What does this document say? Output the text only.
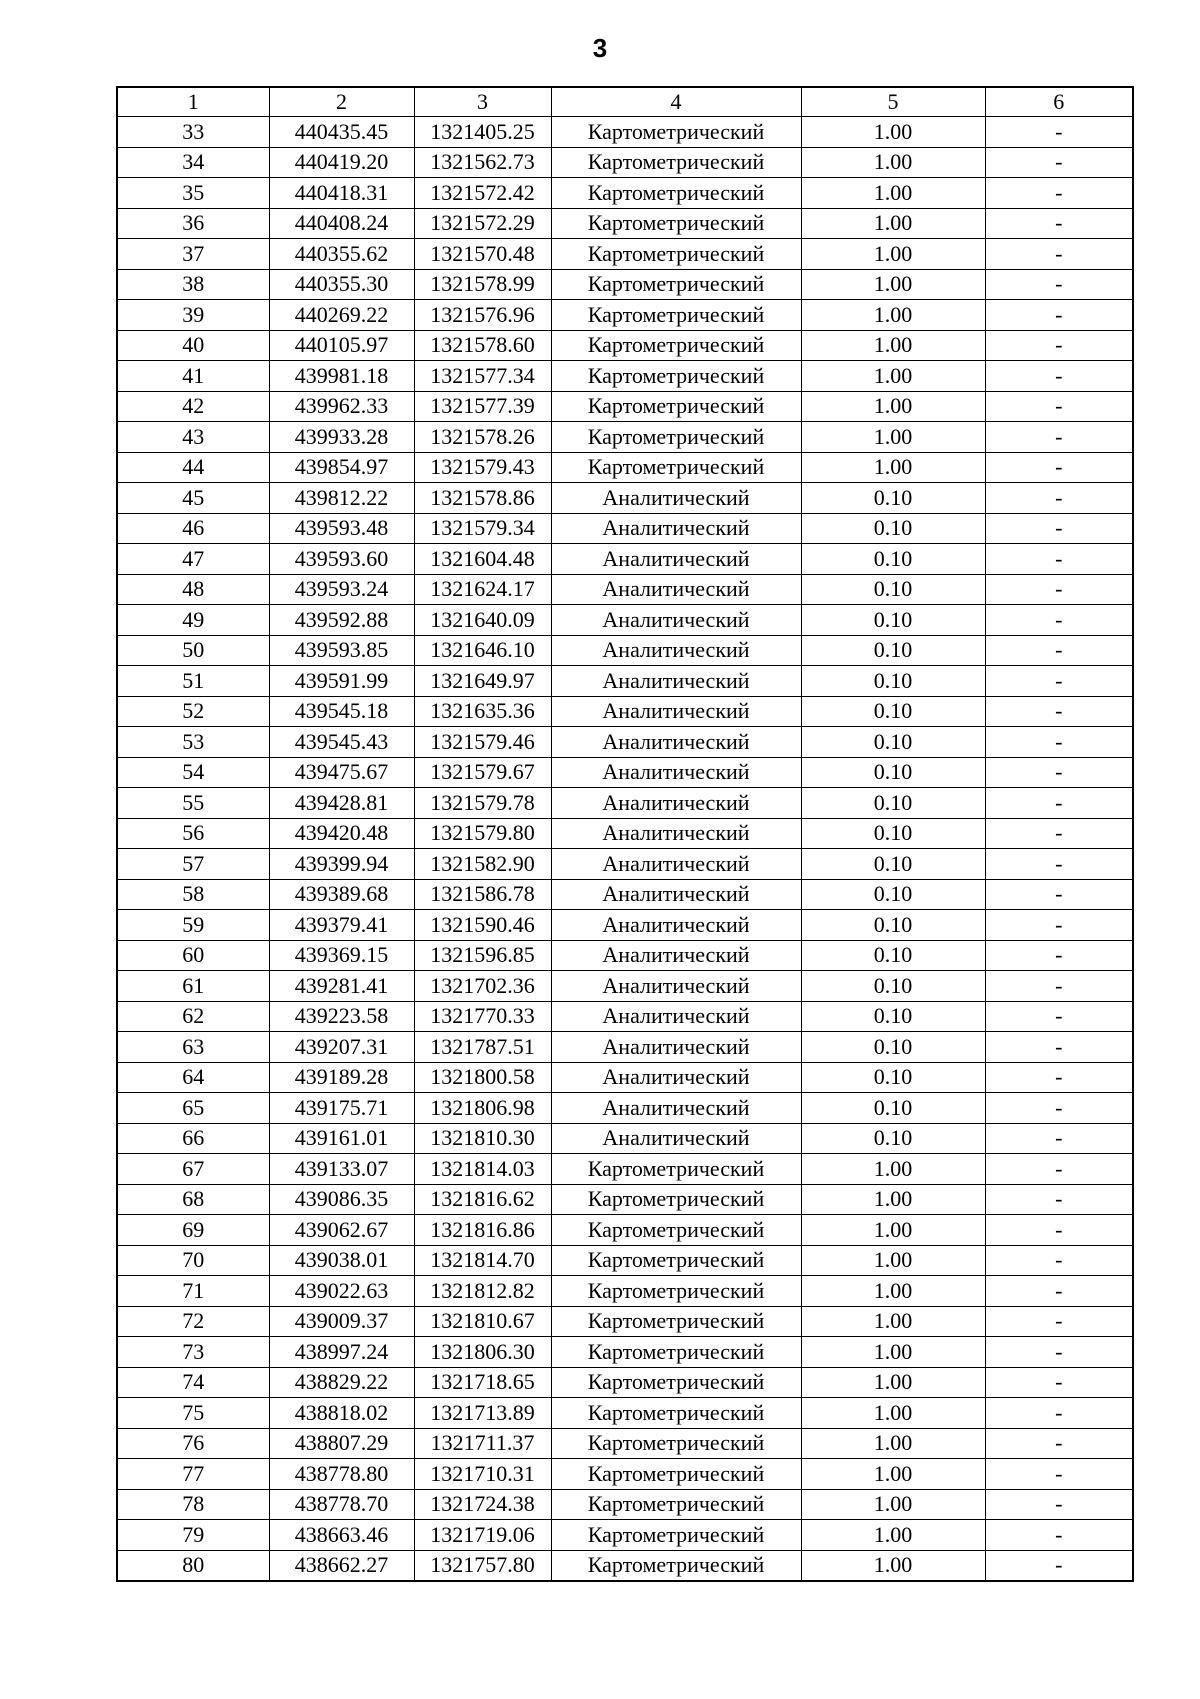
3
1	2	3	4	5	6
33	440435.45	1321405.25	Картометрический	1.00	-
34	440419.20	1321562.73	Картометрический	1.00	-
35	440418.31	1321572.42	Картометрический	1.00	-
36	440408.24	1321572.29	Картометрический	1.00	-
37	440355.62	1321570.48	Картометрический	1.00	-
38	440355.30	1321578.99	Картометрический	1.00	-
39	440269.22	1321576.96	Картометрический	1.00	-
40	440105.97	1321578.60	Картометрический	1.00	-
41	439981.18	1321577.34	Картометрический	1.00	-
42	439962.33	1321577.39	Картометрический	1.00	-
43	439933.28	1321578.26	Картометрический	1.00	-
44	439854.97	1321579.43	Картометрический	1.00	-
45	439812.22	1321578.86	Аналитический	0.10	-
46	439593.48	1321579.34	Аналитический	0.10	-
47	439593.60	1321604.48	Аналитический	0.10	-
48	439593.24	1321624.17	Аналитический	0.10	-
49	439592.88	1321640.09	Аналитический	0.10	-
50	439593.85	1321646.10	Аналитический	0.10	-
51	439591.99	1321649.97	Аналитический	0.10	-
52	439545.18	1321635.36	Аналитический	0.10	-
53	439545.43	1321579.46	Аналитический	0.10	-
54	439475.67	1321579.67	Аналитический	0.10	-
55	439428.81	1321579.78	Аналитический	0.10	-
56	439420.48	1321579.80	Аналитический	0.10	-
57	439399.94	1321582.90	Аналитический	0.10	-
58	439389.68	1321586.78	Аналитический	0.10	-
59	439379.41	1321590.46	Аналитический	0.10	-
60	439369.15	1321596.85	Аналитический	0.10	-
61	439281.41	1321702.36	Аналитический	0.10	-
62	439223.58	1321770.33	Аналитический	0.10	-
63	439207.31	1321787.51	Аналитический	0.10	-
64	439189.28	1321800.58	Аналитический	0.10	-
65	439175.71	1321806.98	Аналитический	0.10	-
66	439161.01	1321810.30	Аналитический	0.10	-
67	439133.07	1321814.03	Картометрический	1.00	-
68	439086.35	1321816.62	Картометрический	1.00	-
69	439062.67	1321816.86	Картометрический	1.00	-
70	439038.01	1321814.70	Картометрический	1.00	-
71	439022.63	1321812.82	Картометрический	1.00	-
72	439009.37	1321810.67	Картометрический	1.00	-
73	438997.24	1321806.30	Картометрический	1.00	-
74	438829.22	1321718.65	Картометрический	1.00	-
75	438818.02	1321713.89	Картометрический	1.00	-
76	438807.29	1321711.37	Картометрический	1.00	-
77	438778.80	1321710.31	Картометрический	1.00	-
78	438778.70	1321724.38	Картометрический	1.00	-
79	438663.46	1321719.06	Картометрический	1.00	-
80	438662.27	1321757.80	Картометрический	1.00	-
